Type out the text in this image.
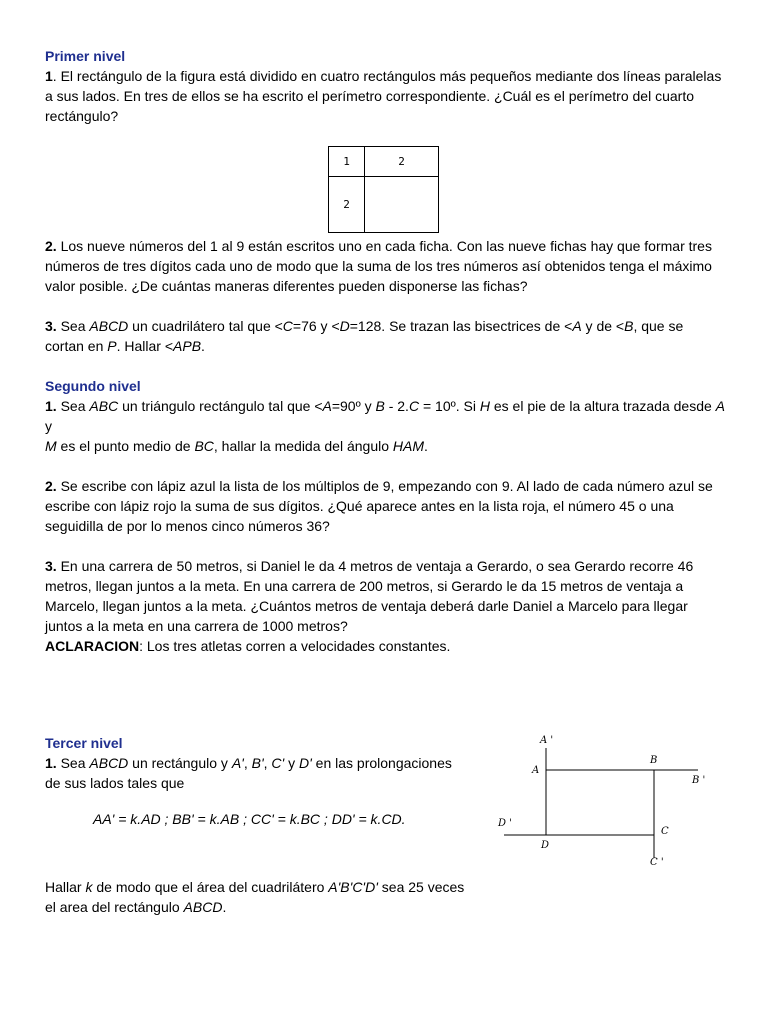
Primer nivel

1. El rectángulo de la figura está dividido en cuatro rectángulos más pequeños mediante dos líneas paralelas a sus lados. En tres de ellos se ha escrito el perímetro correspondiente. ¿Cuál es el perímetro del cuarto rectángulo?

2. Los nueve números del 1 al 9 están escritos uno en cada ficha. Con las nueve fichas hay que formar tres números de tres dígitos cada uno de modo que la suma de los tres números así obtenidos tenga el máximo valor posible. ¿De cuántas maneras diferentes pueden disponerse las fichas?

3. Sea ABCD un cuadrilátero tal que <C=76 y <D=128. Se trazan las bisectrices de <A y de <B, que se cortan en P. Hallar <APB.

Segundo nivel

1. Sea ABC un triángulo rectángulo tal que <A=90º y B - 2.C = 10º. Si H es el pie de la altura trazada desde A y
M es el punto medio de BC, hallar la medida del ángulo HAM.

2. Se escribe con lápiz azul la lista de los múltiplos de 9, empezando con 9. Al lado de cada número azul se escribe con lápiz rojo la suma de sus dígitos. ¿Qué aparece antes en la lista roja, el número 45 o una seguidilla de por lo menos cinco números 36?

3. En una carrera de 50 metros, si Daniel le da 4 metros de ventaja a Gerardo, o sea Gerardo recorre 46 metros, llegan juntos a la meta. En una carrera de 200 metros, si Gerardo le da 15 metros de ventaja a Marcelo, llegan juntos a la meta. ¿Cuántos metros de ventaja deberá darle Daniel a Marcelo para llegar juntos a la meta en una carrera de 1000 metros?
ACLARACION: Los tres atletas corren a velocidades constantes.

1	2
2	
Tercer nivel

1. Sea ABCD un rectángulo y A', B', C' y D' en las prolongaciones de sus lados tales que

AA' = k.AD ; BB' = k.AB ; CC' = k.BC ; DD' = k.CD.

Hallar k de modo que el área del cuadrilátero A'B'C'D' sea 25 veces el area del rectángulo ABCD.

A '
A
B
B '
D '
D
C
C '
